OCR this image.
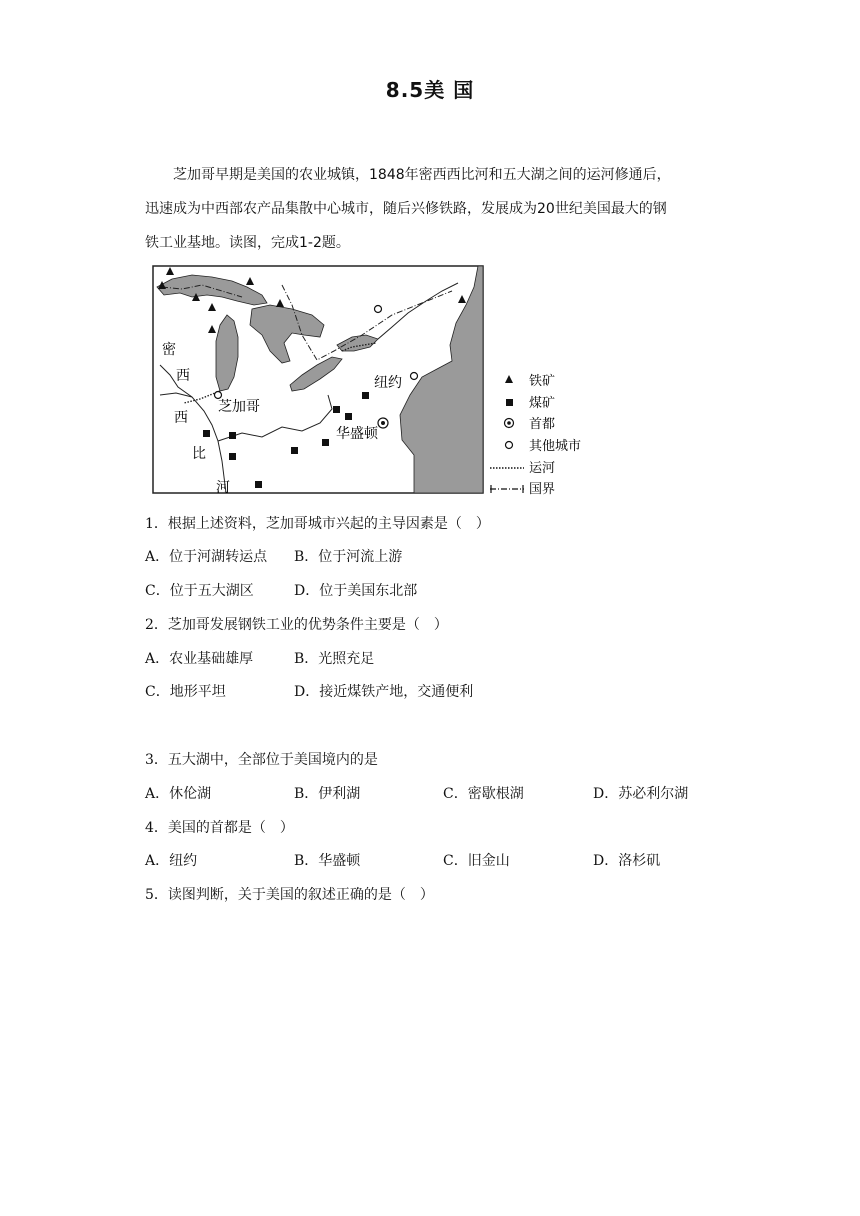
8.5美 国
芝加哥早期是美国的农业城镇，1848年密西西比河和五大湖之间的运河修通后，
迅速成为中西部农产品集散中心城市，随后兴修铁路，发展成为20世纪美国最大的钢
铁工业基地。读图，完成1-2题。
密
西
西
比
河
芝加哥
华盛顿
纽约	铁矿
煤矿
首都
其他城市
运河
国界
1．根据上述资料，芝加哥城市兴起的主导因素是（　）
A．位于河湖转运点 B．位于河流上游
C．位于五大湖区	D．位于美国东北部
2．芝加哥发展钢铁工业的优势条件主要是（　）
A．农业基础雄厚	B．光照充足
C．地形平坦	D．接近煤铁产地，交通便利
3．五大湖中，全部位于美国境内的是
A．休伦湖	B．伊利湖	C．密歇根湖	D．苏必利尔湖
4．美国的首都是（　）
A．纽约	B．华盛顿	C．旧金山	D．洛杉矶
5．读图判断，关于美国的叙述正确的是（　）
